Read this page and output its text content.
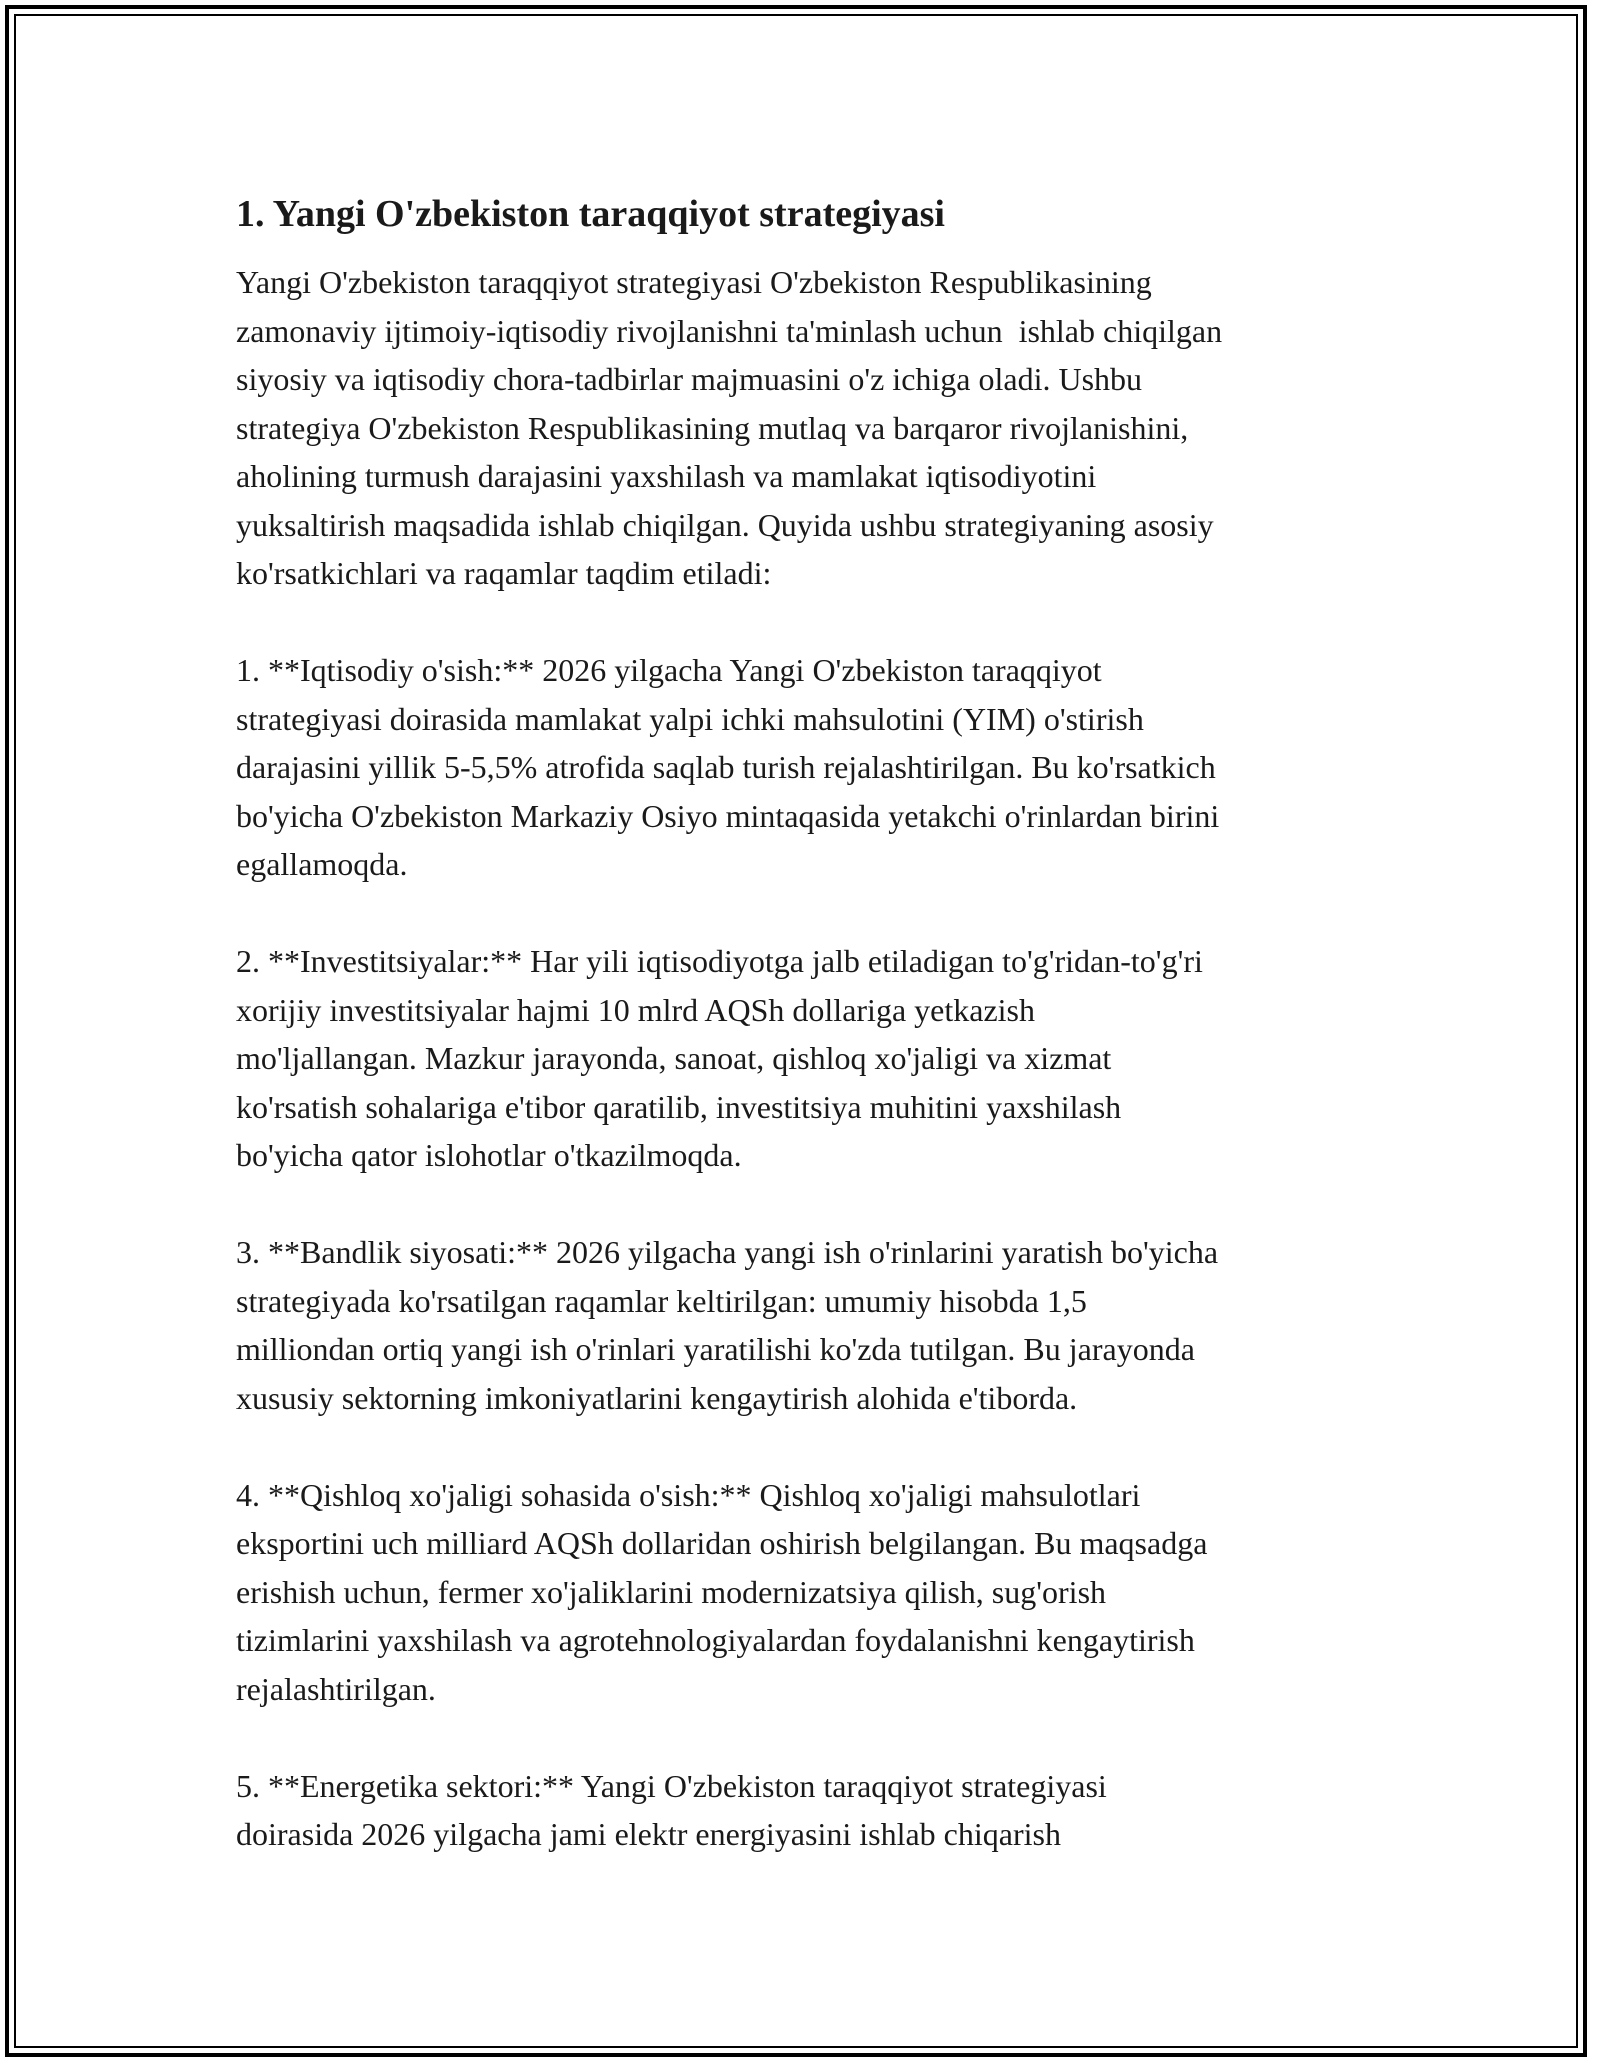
1. Yangi O'zbekiston taraqqiyot strategiyasi
Yangi O'zbekiston taraqqiyot strategiyasi O'zbekiston Respublikasining
zamonaviy ijtimoiy-iqtisodiy rivojlanishni ta'minlash uchun  ishlab chiqilgan
siyosiy va iqtisodiy chora-tadbirlar majmuasini o'z ichiga oladi. Ushbu
strategiya O'zbekiston Respublikasining mutlaq va barqaror rivojlanishini,
aholining turmush darajasini yaxshilash va mamlakat iqtisodiyotini
yuksaltirish maqsadida ishlab chiqilgan. Quyida ushbu strategiyaning asosiy
ko'rsatkichlari va raqamlar taqdim etiladi:
1. **Iqtisodiy o'sish:** 2026 yilgacha Yangi O'zbekiston taraqqiyot
strategiyasi doirasida mamlakat yalpi ichki mahsulotini (YIM) o'stirish
darajasini yillik 5-5,5% atrofida saqlab turish rejalashtirilgan. Bu ko'rsatkich
bo'yicha O'zbekiston Markaziy Osiyo mintaqasida yetakchi o'rinlardan birini
egallamoqda.
2. **Investitsiyalar:** Har yili iqtisodiyotga jalb etiladigan to'g'ridan-to'g'ri
xorijiy investitsiyalar hajmi 10 mlrd AQSh dollariga yetkazish
mo'ljallangan. Mazkur jarayonda, sanoat, qishloq xo'jaligi va xizmat
ko'rsatish sohalariga e'tibor qaratilib, investitsiya muhitini yaxshilash
bo'yicha qator islohotlar o'tkazilmoqda.
3. **Bandlik siyosati:** 2026 yilgacha yangi ish o'rinlarini yaratish bo'yicha
strategiyada ko'rsatilgan raqamlar keltirilgan: umumiy hisobda 1,5
milliondan ortiq yangi ish o'rinlari yaratilishi ko'zda tutilgan. Bu jarayonda
xususiy sektorning imkoniyatlarini kengaytirish alohida e'tiborda.
4. **Qishloq xo'jaligi sohasida o'sish:** Qishloq xo'jaligi mahsulotlari
eksportini uch milliard AQSh dollaridan oshirish belgilangan. Bu maqsadga
erishish uchun, fermer xo'jaliklarini modernizatsiya qilish, sug'orish
tizimlarini yaxshilash va agrotehnologiyalardan foydalanishni kengaytirish
rejalashtirilgan.
5. **Energetika sektori:** Yangi O'zbekiston taraqqiyot strategiyasi
doirasida 2026 yilgacha jami elektr energiyasini ishlab chiqarish
